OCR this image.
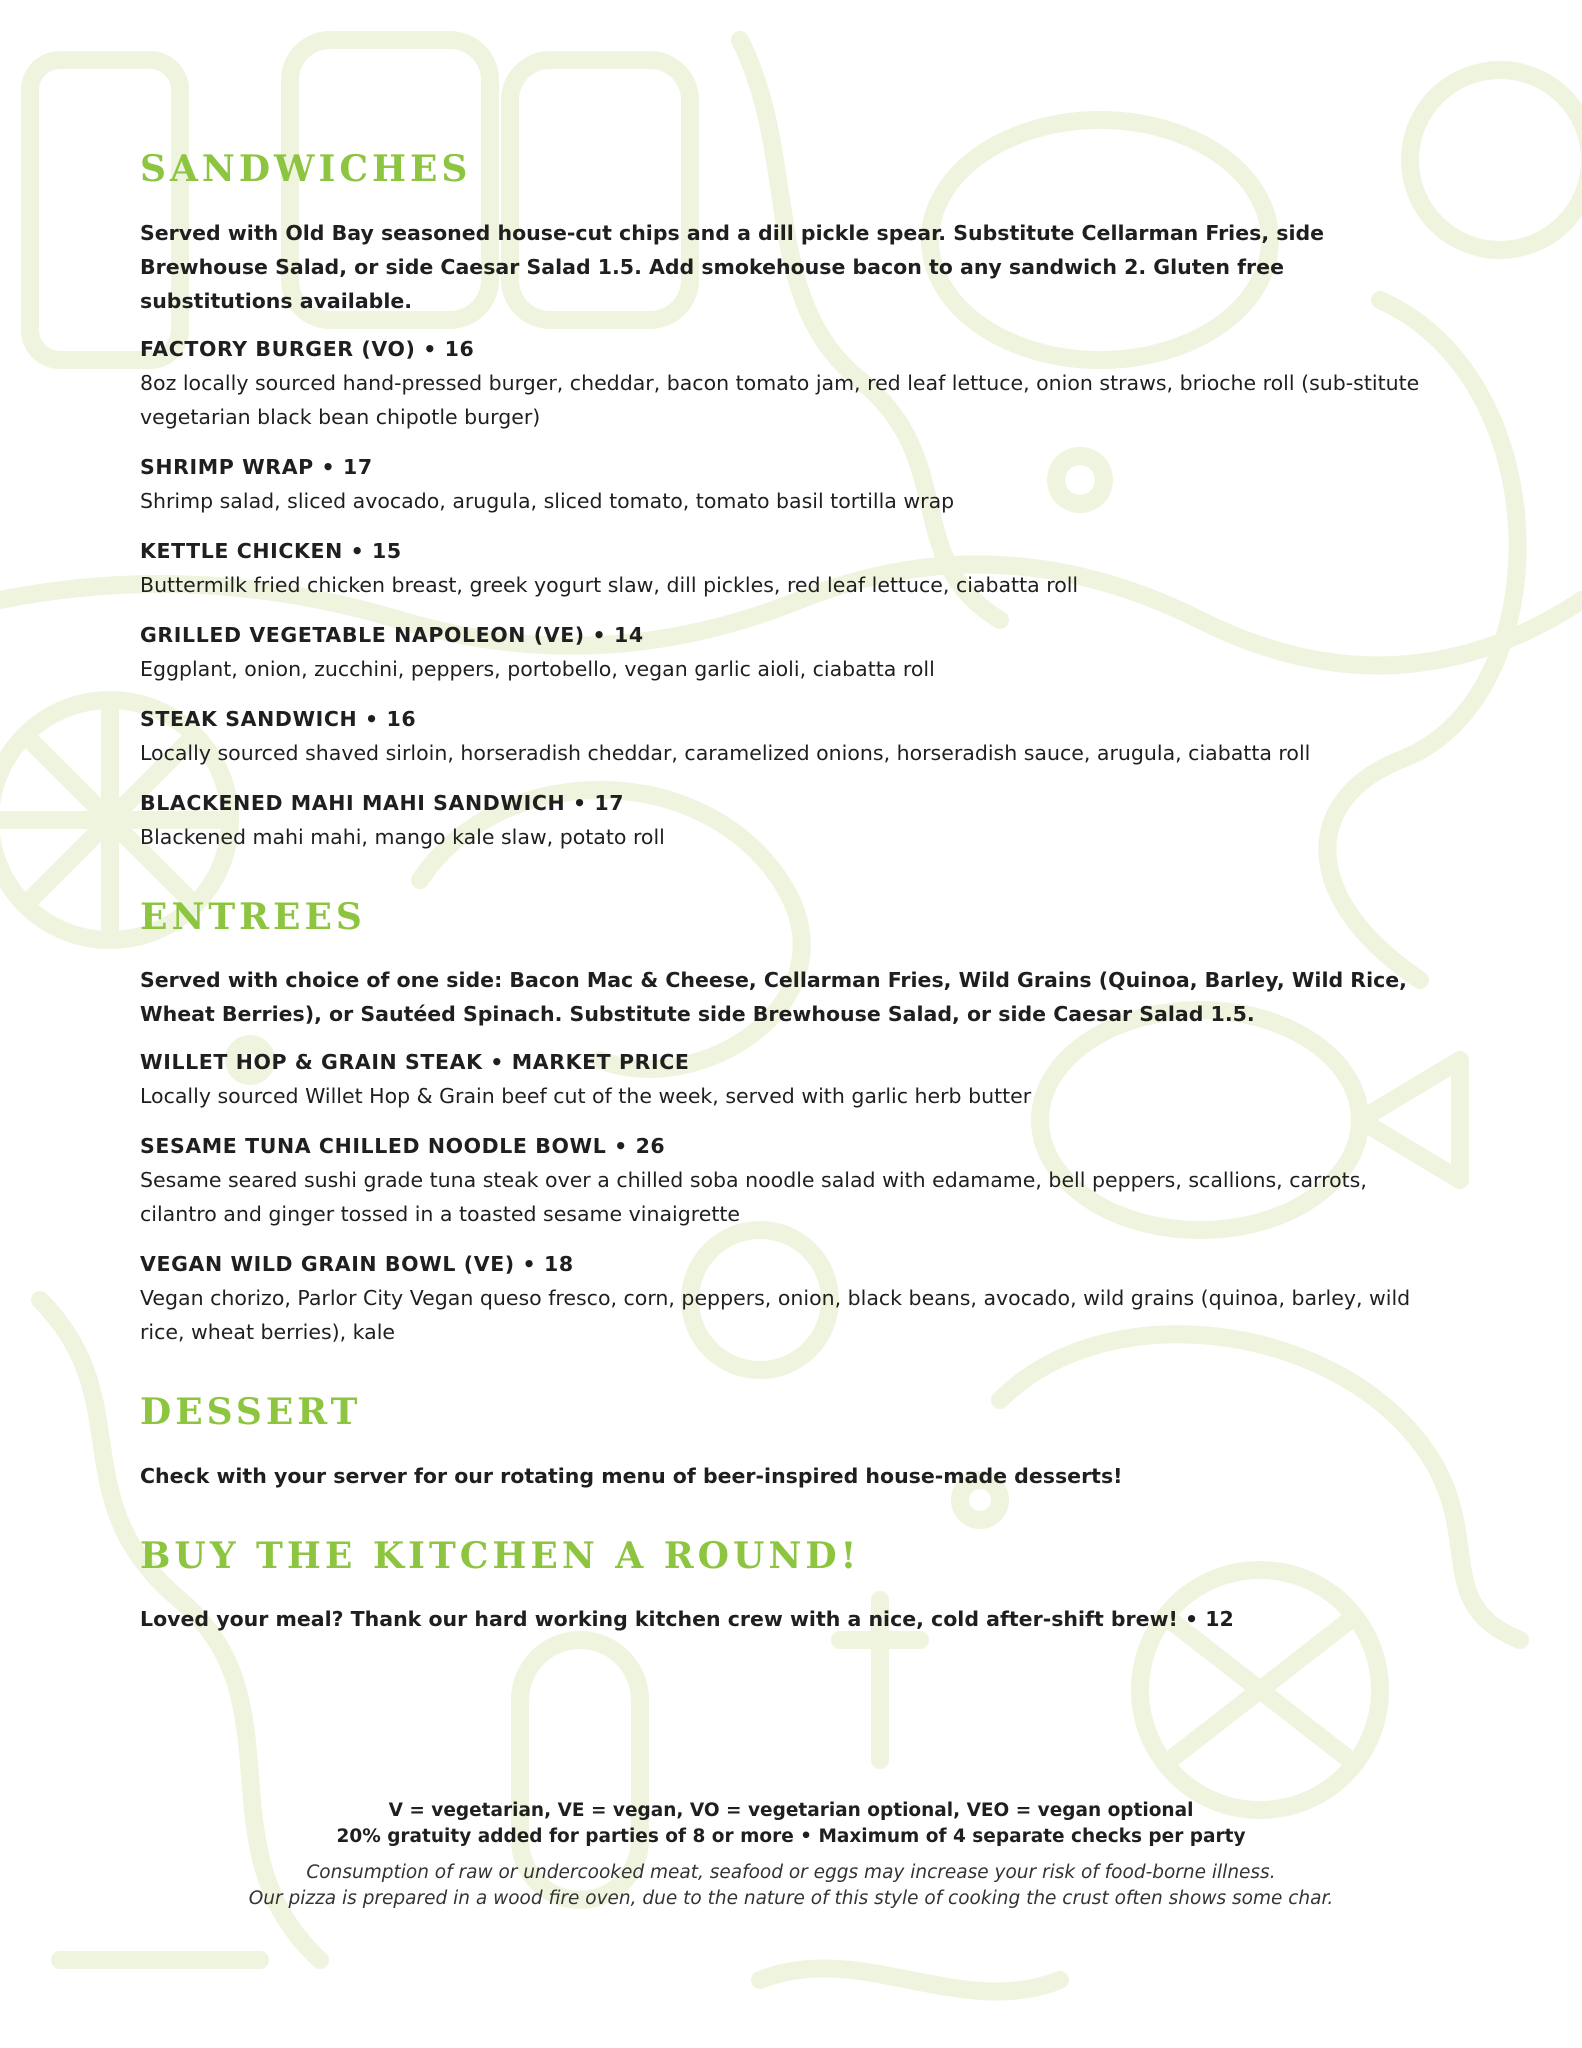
SANDWICHES
Served with Old Bay seasoned house-cut chips and a dill pickle spear. Substitute Cellarman Fries, side Brewhouse Salad, or side Caesar Salad 1.5. Add smokehouse bacon to any sandwich 2. Gluten free substitutions available.
FACTORY BURGER (VO) • 16
8oz locally sourced hand-pressed burger, cheddar, bacon tomato jam, red leaf lettuce, onion straws, brioche roll (sub-stitute vegetarian black bean chipotle burger)
SHRIMP WRAP • 17
Shrimp salad, sliced avocado, arugula, sliced tomato, tomato basil tortilla wrap
KETTLE CHICKEN • 15
Buttermilk fried chicken breast, greek yogurt slaw, dill pickles, red leaf lettuce, ciabatta roll
GRILLED VEGETABLE NAPOLEON (VE) • 14
Eggplant, onion, zucchini, peppers, portobello, vegan garlic aioli, ciabatta roll
STEAK SANDWICH • 16
Locally sourced shaved sirloin, horseradish cheddar, caramelized onions, horseradish sauce, arugula, ciabatta roll
BLACKENED MAHI MAHI SANDWICH • 17
Blackened mahi mahi, mango kale slaw, potato roll
ENTREES
Served with choice of one side: Bacon Mac & Cheese, Cellarman Fries, Wild Grains (Quinoa, Barley, Wild Rice, Wheat Berries), or Sautéed Spinach. Substitute side Brewhouse Salad, or side Caesar Salad 1.5.
WILLET HOP & GRAIN STEAK • MARKET PRICE
Locally sourced Willet Hop & Grain beef cut of the week, served with garlic herb butter
SESAME TUNA CHILLED NOODLE BOWL • 26
Sesame seared sushi grade tuna steak over a chilled soba noodle salad with edamame, bell peppers, scallions, carrots, cilantro and ginger tossed in a toasted sesame vinaigrette
VEGAN WILD GRAIN BOWL (VE) • 18
Vegan chorizo, Parlor City Vegan queso fresco, corn, peppers, onion, black beans, avocado, wild grains (quinoa, barley, wild rice, wheat berries), kale
DESSERT
Check with your server for our rotating menu of beer-inspired house-made desserts!
BUY THE KITCHEN A ROUND!
Loved your meal? Thank our hard working kitchen crew with a nice, cold after-shift brew! • 12
V = vegetarian, VE = vegan, VO = vegetarian optional, VEO = vegan optional
20% gratuity added for parties of 8 or more • Maximum of 4 separate checks per party
Consumption of raw or undercooked meat, seafood or eggs may increase your risk of food-borne illness.
Our pizza is prepared in a wood fire oven, due to the nature of this style of cooking the crust often shows some char.
